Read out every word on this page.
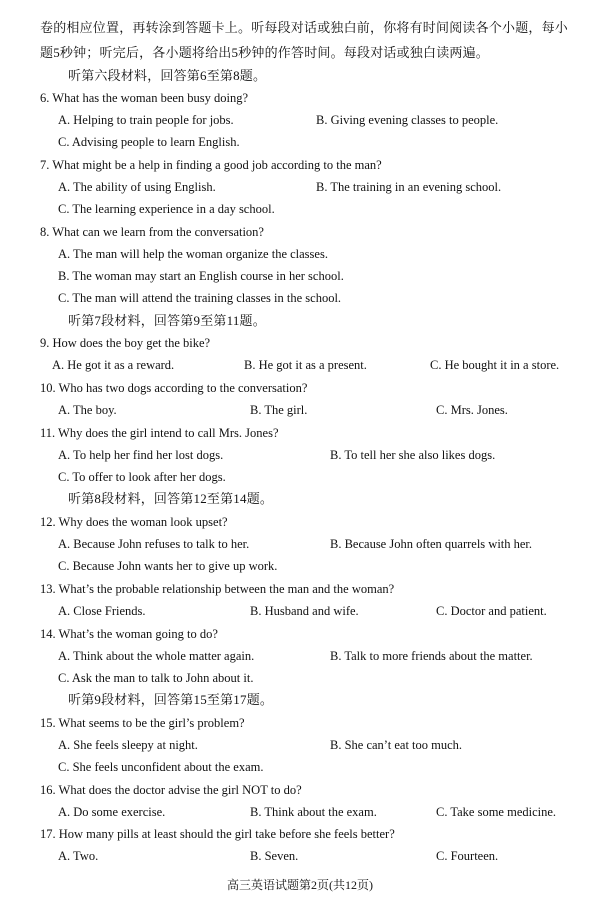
卷的相应位置，再转涂到答题卡上。听每段对话或独白前，你将有时间阅读各个小题，每小
题5秒钟；听完后，各小题将给出5秒钟的作答时间。每段对话或独白读两遍。
听第六段材料，回答第6至第8题。
6. What has the woman been busy doing?
A. Helping to train people for jobs.	B. Giving evening classes to people.
C. Advising people to learn English.
7. What might be a help in finding a good job according to the man?
A. The ability of using English.	B. The training in an evening school.
C. The learning experience in a day school.
8. What can we learn from the conversation?
A. The man will help the woman organize the classes.
B. The woman may start an English course in her school.
C. The man will attend the training classes in the school.
听第7段材料，回答第9至第11题。
9. How does the boy get the bike?
A. He got it as a reward.	B. He got it as a present.	C. He bought it in a store.
10. Who has two dogs according to the conversation?
A. The boy.	B. The girl.	C. Mrs. Jones.
11. Why does the girl intend to call Mrs. Jones?
A. To help her find her lost dogs.	B. To tell her she also likes dogs.
C. To offer to look after her dogs.
听第8段材料，回答第12至第14题。
12. Why does the woman look upset?
A. Because John refuses to talk to her.	B. Because John often quarrels with her.
C. Because John wants her to give up work.
13. What’s the probable relationship between the man and the woman?
A. Close Friends.	B. Husband and wife.	C. Doctor and patient.
14. What’s the woman going to do?
A. Think about the whole matter again.	B. Talk to more friends about the matter.
C. Ask the man to talk to John about it.
听第9段材料，回答第15至第17题。
15. What seems to be the girl’s problem?
A. She feels sleepy at night.	B. She can’t eat too much.
C. She feels unconfident about the exam.
16. What does the doctor advise the girl NOT to do?
A. Do some exercise.	B. Think about the exam.	C. Take some medicine.
17. How many pills at least should the girl take before she feels better?
A. Two.	B. Seven.	C. Fourteen.
高三英语试题第2页(共12页)
